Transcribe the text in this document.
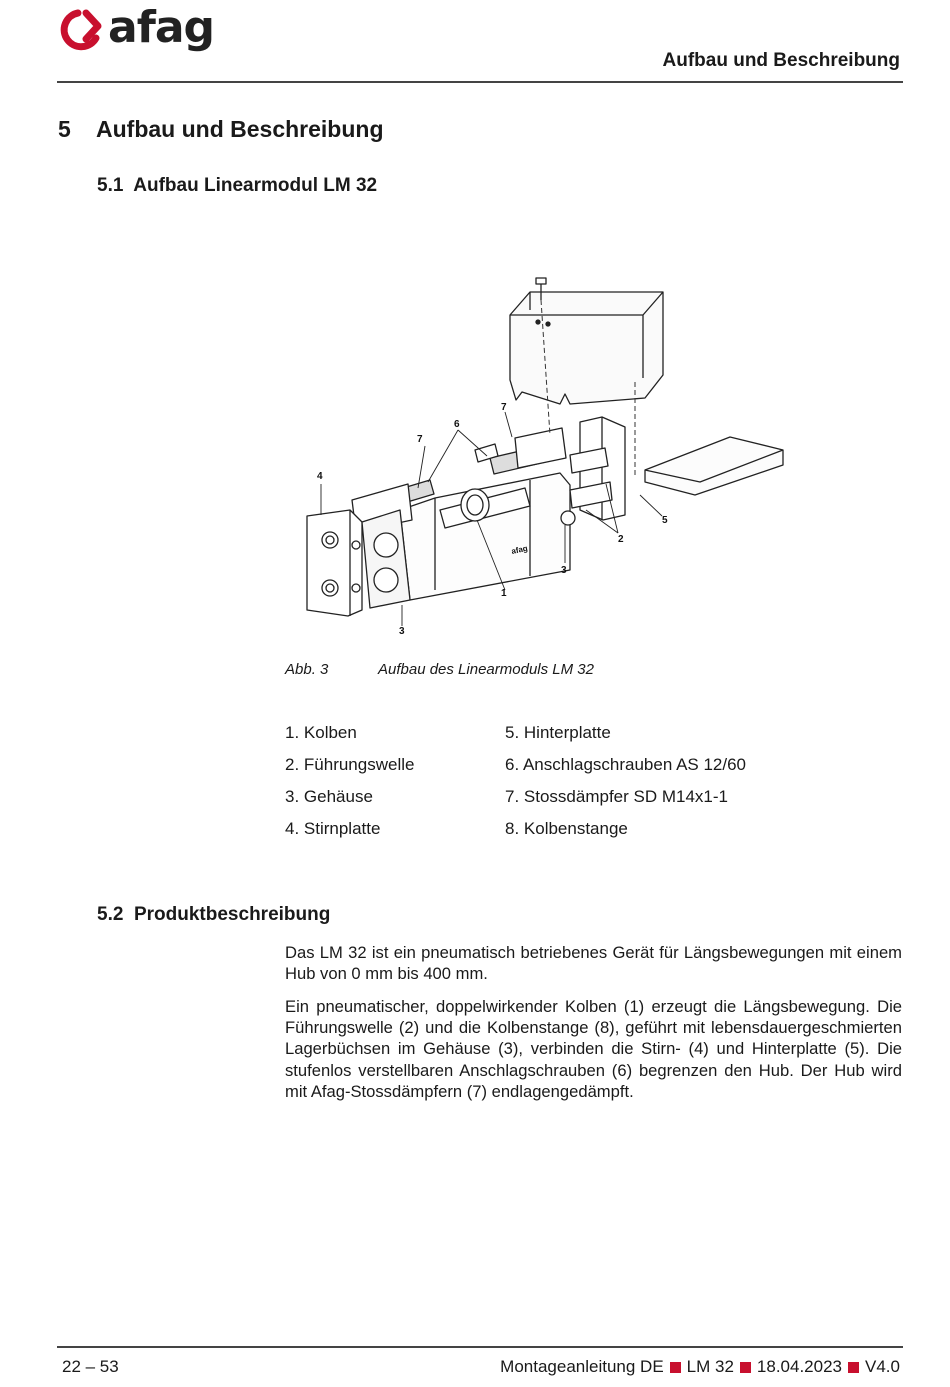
afag
Aufbau und Beschreibung
5 Aufbau und Beschreibung
5.1 Aufbau Linearmodul LM 32
1
2
3
3
4
5
6
7
7
afag
Abb. 3	Aufbau des Linearmoduls LM 32
1. Kolben
2. Führungswelle
3. Gehäuse
4. Stirnplatte
5. Hinterplatte
6. Anschlagschrauben AS 12/60
7. Stossdämpfer SD M14x1-1
8. Kolbenstange
5.2 Produktbeschreibung
Das LM 32 ist ein pneumatisch betriebenes Gerät für Längsbewegungen mit einem Hub von 0 mm bis 400 mm.
Ein pneumatischer, doppelwirkender Kolben (1) erzeugt die Längsbewegung. Die Führungswelle (2) und die Kolbenstange (8), geführt mit lebensdauergeschmierten Lagerbüchsen im Gehäuse (3), verbinden die Stirn- (4) und Hinterplatte (5). Die stufenlos verstellbaren Anschlagschrauben (6) begrenzen den Hub. Der Hub wird mit Afag-Stossdämpfern (7) endlagengedämpft.
22 – 53	Montageanleitung DE LM 32 18.04.2023 V4.0
